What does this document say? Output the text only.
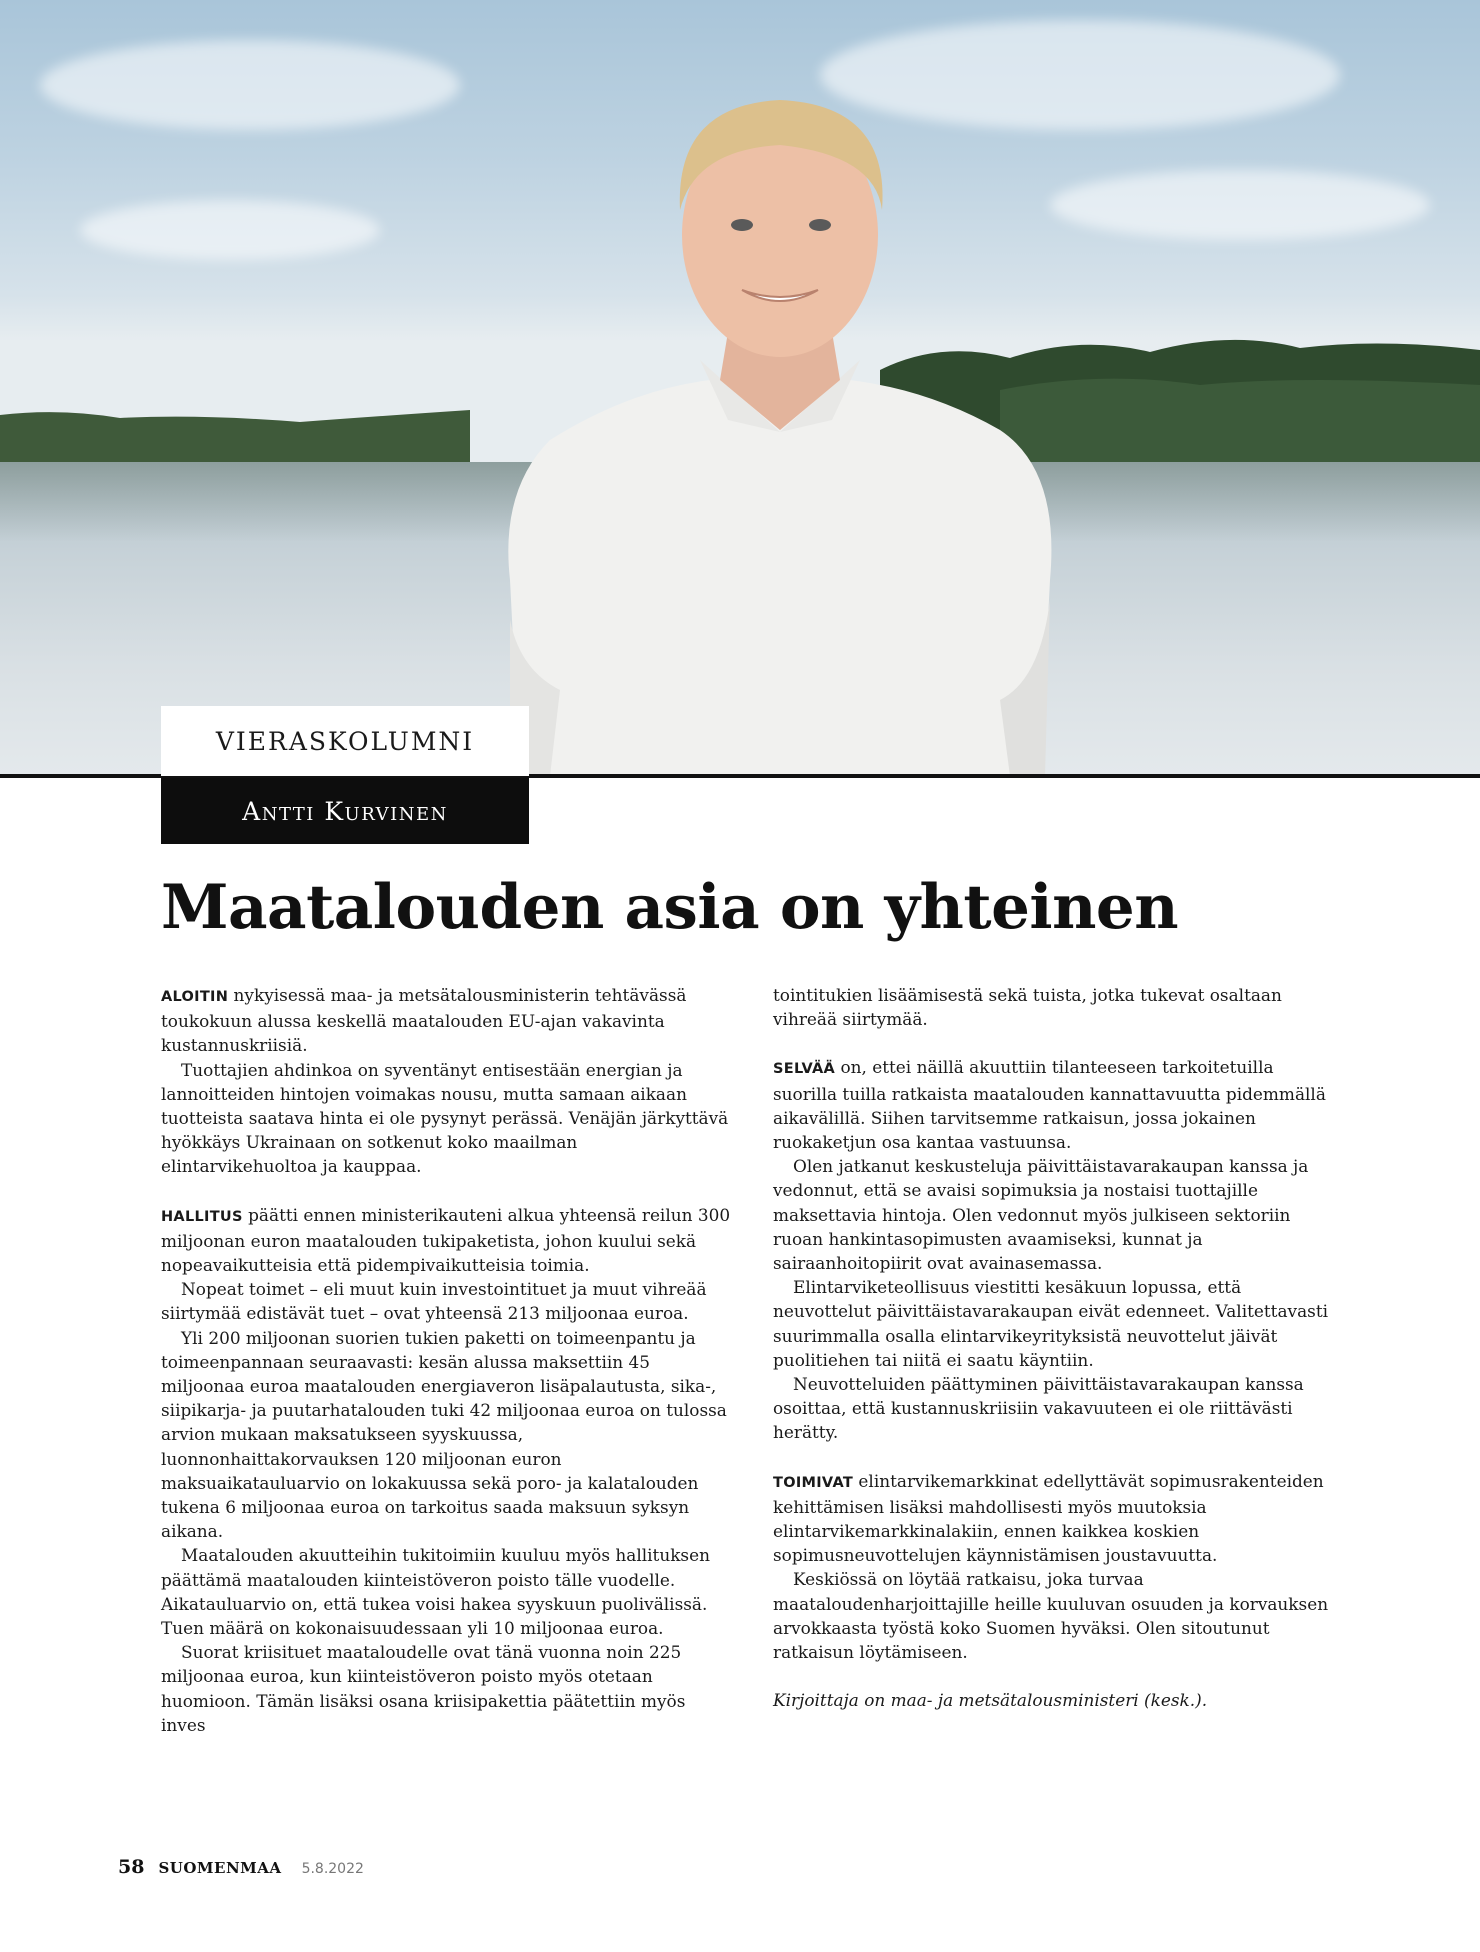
VIERASKOLUMNI
Antti Kurvinen
Maatalouden asia on yhteinen

ALOITIN nykyisessä maa- ja metsätalousministerin tehtävässä toukokuun alussa keskellä maatalouden EU-ajan vakavinta kustannuskriisiä.

Tuottajien ahdinkoa on syventänyt entisestään energian ja lannoitteiden hintojen voimakas nousu, mutta samaan aikaan tuotteista saatava hinta ei ole pysynyt perässä. Venäjän järkyttävä hyökkäys Ukrainaan on sotkenut koko maailman elintarvikehuoltoa ja kauppaa.

HALLITUS päätti ennen ministerikauteni alkua yhteensä reilun 300 miljoonan euron maatalouden tukipaketista, johon kuului sekä nopeavaikutteisia että pidempivaikutteisia toimia.

Nopeat toimet – eli muut kuin investointituet ja muut vihreää siirtymää edistävät tuet – ovat yhteensä 213 miljoonaa euroa.

Yli 200 miljoonan suorien tukien paketti on toimeenpantu ja toimeenpannaan seuraavasti: kesän alussa maksettiin 45 miljoonaa euroa maatalouden energiaveron lisäpalautusta, sika-, siipikarja- ja puutarhatalouden tuki 42 miljoonaa euroa on tulossa arvion mukaan maksatukseen syyskuussa, luonnonhaittakorvauksen 120 miljoonan euron maksuaikatauluarvio on lokakuussa sekä poro- ja kalatalouden tukena 6 miljoonaa euroa on tarkoitus saada maksuun syksyn aikana.

Maatalouden akuutteihin tukitoimiin kuuluu myös hallituksen päättämä maatalouden kiinteistöveron poisto tälle vuodelle. Aikatauluarvio on, että tukea voisi hakea syyskuun puolivälissä. Tuen määrä on kokonaisuudessaan yli 10 miljoonaa euroa.

Suorat kriisituet maataloudelle ovat tänä vuonna noin 225 miljoonaa euroa, kun kiinteistöveron poisto myös otetaan huomioon. Tämän lisäksi osana kriisipakettia päätettiin myös inves

tointitukien lisäämisestä sekä tuista, jotka tukevat osaltaan vihreää siirtymää.

SELVÄÄ on, ettei näillä akuuttiin tilanteeseen tarkoitetuilla suorilla tuilla ratkaista maatalouden kannattavuutta pidemmällä aikavälillä. Siihen tarvitsemme ratkaisun, jossa jokainen ruokaketjun osa kantaa vastuunsa.

Olen jatkanut keskusteluja päivittäistavarakaupan kanssa ja vedonnut, että se avaisi sopimuksia ja nostaisi tuottajille maksettavia hintoja. Olen vedonnut myös julkiseen sektoriin ruoan hankintasopimusten avaamiseksi, kunnat ja sairaanhoitopiirit ovat avainasemassa.

Elintarviketeollisuus viestitti kesäkuun lopussa, että neuvottelut päivittäistavarakaupan eivät edenneet. Valitettavasti suurimmalla osalla elintarvikeyrityksistä neuvottelut jäivät puolitiehen tai niitä ei saatu käyntiin.

Neuvotteluiden päättyminen päivittäistavarakaupan kanssa osoittaa, että kustannuskriisiin vakavuuteen ei ole riittävästi herätty.

TOIMIVAT elintarvikemarkkinat edellyttävät sopimusrakenteiden kehittämisen lisäksi mahdollisesti myös muutoksia elintarvikemarkkinalakiin, ennen kaikkea koskien sopimusneuvottelujen käynnistämisen joustavuutta.

Keskiössä on löytää ratkaisu, joka turvaa maataloudenharjoittajille heille kuuluvan osuuden ja korvauksen arvokkaasta työstä koko Suomen hyväksi. Olen sitoutunut ratkaisun löytämiseen.

Kirjoittaja on maa- ja metsätalousministeri (kesk.).

58 SUOMENMAA 5.8.2022
